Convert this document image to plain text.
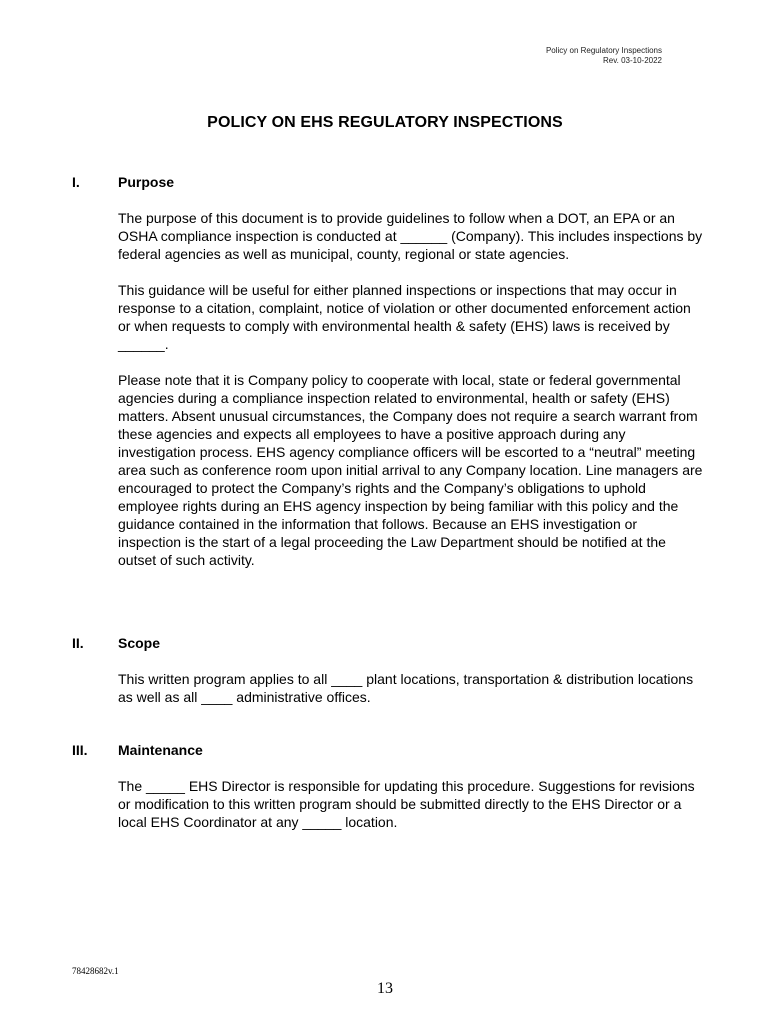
Policy on Regulatory Inspections
Rev. 03-10-2022
POLICY ON EHS REGULATORY INSPECTIONS
I.	Purpose

The purpose of this document is to provide guidelines to follow when a DOT, an EPA or an OSHA compliance inspection is conducted at ______ (Company). This includes inspections by federal agencies as well as municipal, county, regional or state agencies.

This guidance will be useful for either planned inspections or inspections that may occur in response to a citation, complaint, notice of violation or other documented enforcement action or when requests to comply with environmental health & safety (EHS) laws is received by ______.

Please note that it is Company policy to cooperate with local, state or federal governmental agencies during a compliance inspection related to environmental, health or safety (EHS) matters. Absent unusual circumstances, the Company does not require a search warrant from these agencies and expects all employees to have a positive approach during any investigation process. EHS agency compliance officers will be escorted to a “neutral” meeting area such as conference room upon initial arrival to any Company location. Line managers are encouraged to protect the Company’s rights and the Company’s obligations to uphold employee rights during an EHS agency inspection by being familiar with this policy and the guidance contained in the information that follows. Because an EHS investigation or inspection is the start of a legal proceeding the Law Department should be notified at the outset of such activity.

II. Scope

This written program applies to all ____ plant locations, transportation & distribution locations as well as all ____ administrative offices.

III. Maintenance

The _____ EHS Director is responsible for updating this procedure. Suggestions for revisions or modification to this written program should be submitted directly to the EHS Director or a local EHS Coordinator at any _____ location.

78428682v.1
13
